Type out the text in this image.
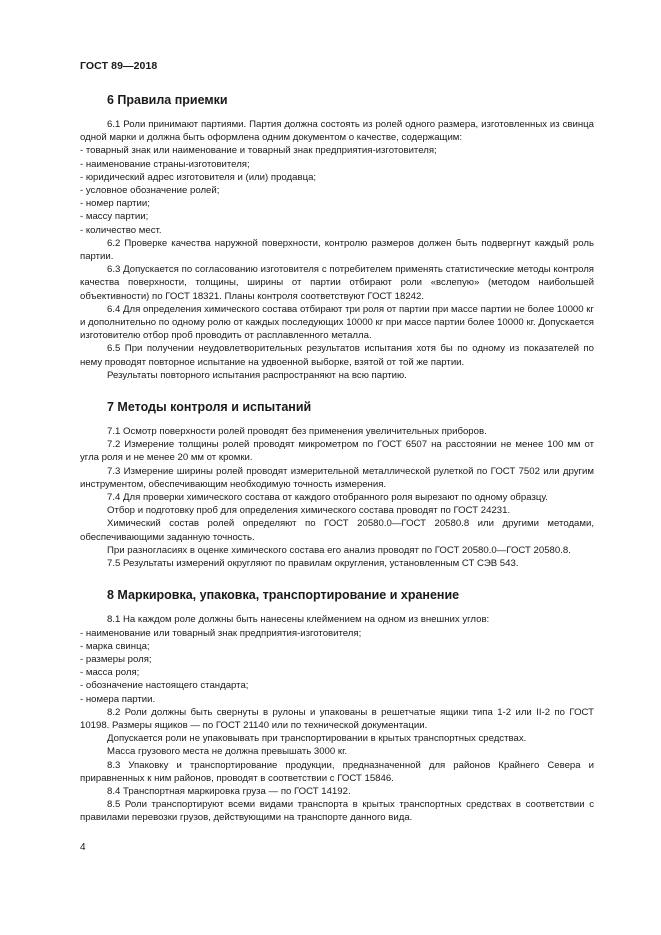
ГОСТ 89—2018
6 Правила приемки

6.1 Роли принимают партиями. Партия должна состоять из ролей одного размера, изготовленных из свинца одной марки и должна быть оформлена одним документом о качестве, содержащим:

- товарный знак или наименование и товарный знак предприятия-изготовителя;

- наименование страны-изготовителя;

- юридический адрес изготовителя и (или) продавца;

- условное обозначение ролей;

- номер партии;

- массу партии;

- количество мест.

6.2 Проверке качества наружной поверхности, контролю размеров должен быть подвергнут каждый роль партии.

6.3 Допускается по согласованию изготовителя с потребителем применять статистические методы контроля качества поверхности, толщины, ширины от партии отбирают роли «вслепую» (методом наибольшей объективности) по ГОСТ 18321. Планы контроля соответствуют ГОСТ 18242.

6.4 Для определения химического состава отбирают три роля от партии при массе партии не более 10000 кг и дополнительно по одному ролю от каждых последующих 10000 кг при массе партии более 10000 кг. Допускается изготовителю отбор проб проводить от расплавленного металла.

6.5 При получении неудовлетворительных результатов испытания хотя бы по одному из показателей по нему проводят повторное испытание на удвоенной выборке, взятой от той же партии.

Результаты повторного испытания распространяют на всю партию.

7 Методы контроля и испытаний

7.1 Осмотр поверхности ролей проводят без применения увеличительных приборов.

7.2 Измерение толщины ролей проводят микрометром по ГОСТ 6507 на расстоянии не менее 100 мм от угла роля и не менее 20 мм от кромки.

7.3 Измерение ширины ролей проводят измерительной металлической рулеткой по ГОСТ 7502 или другим инструментом, обеспечивающим необходимую точность измерения.

7.4 Для проверки химического состава от каждого отобранного роля вырезают по одному образцу.

Отбор и подготовку проб для определения химического состава проводят по ГОСТ 24231.

Химический состав ролей определяют по ГОСТ 20580.0—ГОСТ 20580.8 или другими методами, обеспечивающими заданную точность.

При разногласиях в оценке химического состава его анализ проводят по ГОСТ 20580.0—ГОСТ 20580.8.

7.5 Результаты измерений округляют по правилам округления, установленным СТ СЭВ 543.

8 Маркировка, упаковка, транспортирование и хранение

8.1 На каждом роле должны быть нанесены клеймением на одном из внешних углов:

- наименование или товарный знак предприятия-изготовителя;

- марка свинца;

- размеры роля;

- масса роля;

- обозначение настоящего стандарта;

- номера партии.

8.2 Роли должны быть свернуты в рулоны и упакованы в решетчатые ящики типа 1-2 или II-2 по ГОСТ 10198. Размеры ящиков — по ГОСТ 21140 или по технической документации.

Допускается роли не упаковывать при транспортировании в крытых транспортных средствах.

Масса грузового места не должна превышать 3000 кг.

8.3 Упаковку и транспортирование продукции, предназначенной для районов Крайнего Севера и приравненных к ним районов, проводят в соответствии с ГОСТ 15846.

8.4 Транспортная маркировка груза — по ГОСТ 14192.

8.5 Роли транспортируют всеми видами транспорта в крытых транспортных средствах в соответствии с правилами перевозки грузов, действующими на транспорте данного вида.

4
